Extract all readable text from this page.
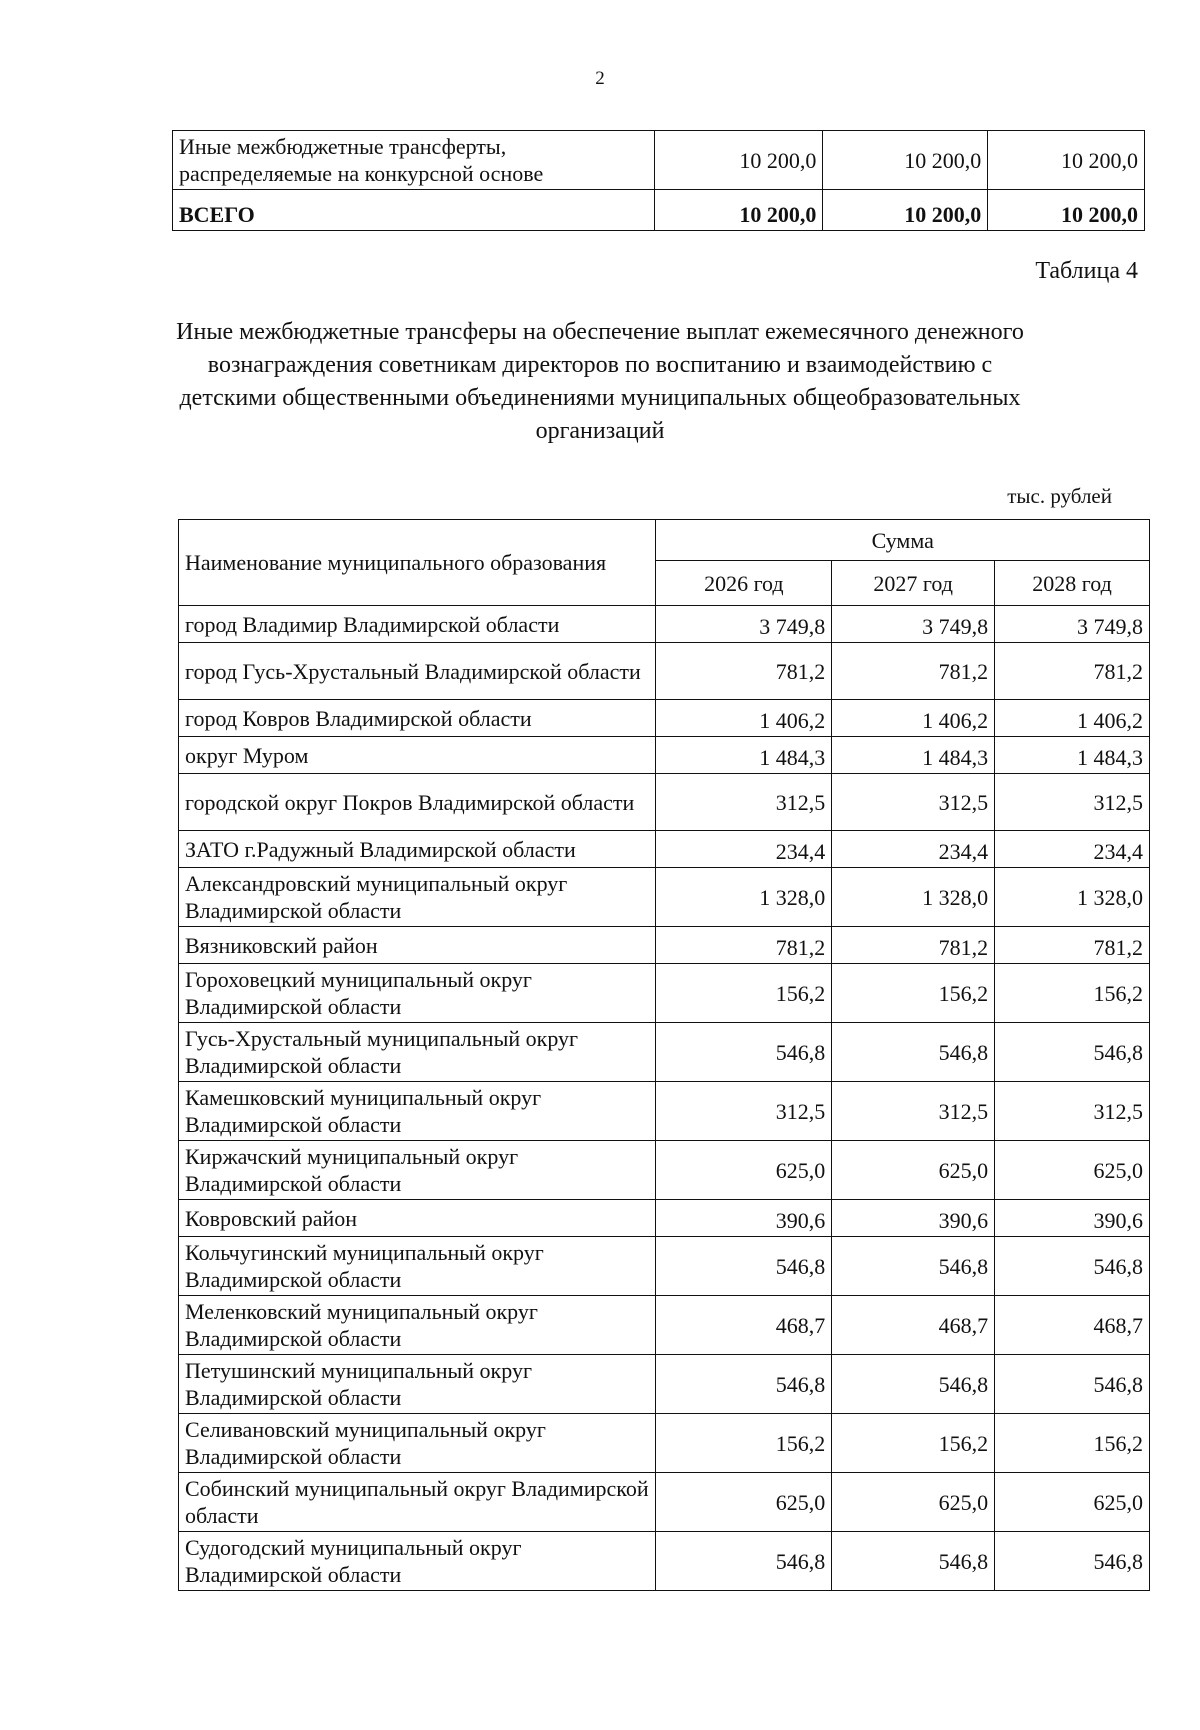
2
Иные межбюджетные трансферты, распределяемые на конкурсной основе	10 200,0	10 200,0	10 200,0
ВСЕГО	10 200,0	10 200,0	10 200,0
Таблица 4
Иные межбюджетные трансферы на обеспечение выплат ежемесячного денежного вознаграждения советникам директоров по воспитанию и взаимодействию с детскими общественными объединениями муниципальных общеобразовательных организаций
тыс. рублей
Наименование муниципального образования	Сумма		
	2026 год	2027 год	2028 год
город Владимир Владимирской области	3 749,8	3 749,8	3 749,8
город Гусь-Хрустальный Владимирской области	781,2	781,2	781,2
город Ковров Владимирской области	1 406,2	1 406,2	1 406,2
округ Муром	1 484,3	1 484,3	1 484,3
городской округ Покров Владимирской области	312,5	312,5	312,5
ЗАТО г.Радужный Владимирской области	234,4	234,4	234,4
Александровский муниципальный округ Владимирской области	1 328,0	1 328,0	1 328,0
Вязниковский район	781,2	781,2	781,2
Гороховецкий муниципальный округ Владимирской области	156,2	156,2	156,2
Гусь-Хрустальный муниципальный округ Владимирской области	546,8	546,8	546,8
Камешковский муниципальный округ Владимирской области	312,5	312,5	312,5
Киржачский муниципальный округ Владимирской области	625,0	625,0	625,0
Ковровский район	390,6	390,6	390,6
Кольчугинский муниципальный округ Владимирской области	546,8	546,8	546,8
Меленковский муниципальный округ Владимирской области	468,7	468,7	468,7
Петушинский муниципальный округ Владимирской области	546,8	546,8	546,8
Селивановский муниципальный округ Владимирской области	156,2	156,2	156,2
Собинский муниципальный округ Владимирской области	625,0	625,0	625,0
Судогодский муниципальный округ Владимирской области	546,8	546,8	546,8
